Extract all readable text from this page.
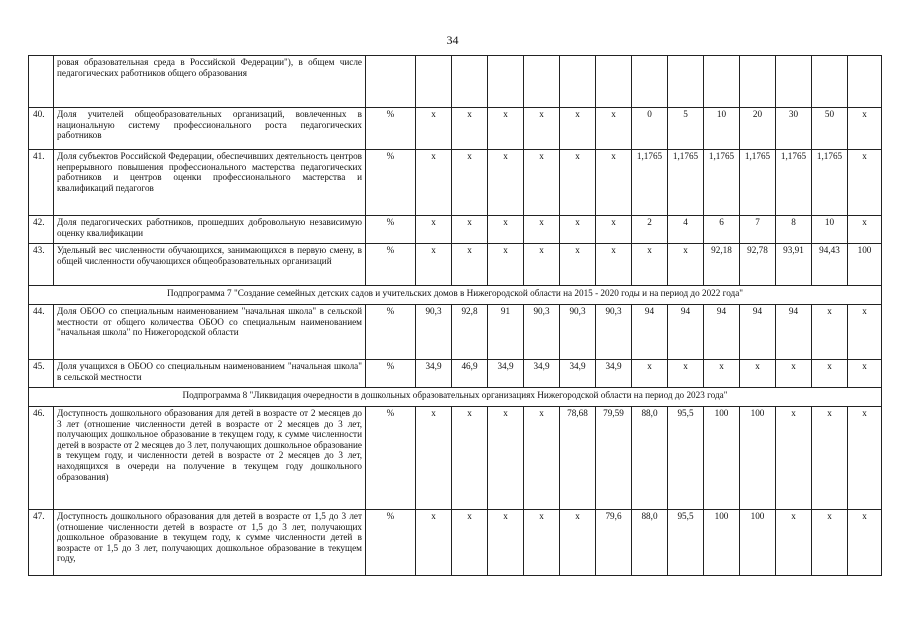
34
	ровая образовательная среда в Российской Федерации"), в общем числе педагогических работников общего образования														
40.	Доля учителей общеобразовательных организаций, вовлеченных в национальную систему профессионального роста педагогических работников	%	х	х	х	х	х	х	0	5	10	20	30	50	х
41.	Доля субъектов Российской Федерации, обеспечивших деятельность центров непрерывного повышения профессионального мастерства педагогических работников и центров оценки профессионального мастерства и квалификаций педагогов	%	х	х	х	х	х	х	1,1765	1,1765	1,1765	1,1765	1,1765	1,1765	х
42.	Доля педагогических работников, прошедших добровольную независимую оценку квалификации	%	х	х	х	х	х	х	2	4	6	7	8	10	х
43.	Удельный вес численности обучающихся, занимающихся в первую смену, в общей численности обучающихся общеобразовательных организаций	%	х	х	х	х	х	х	х	х	92,18	92,78	93,91	94,43	100
Подпрограмма 7 "Создание семейных детских садов и учительских домов в Нижегородской области на 2015 - 2020 годы и на период до 2022 года"															
44.	Доля ОБОО со специальным наименованием "начальная школа" в сельской местности от общего количества ОБОО со специальным наименованием "начальная школа" по Нижегородской области	%	90,3	92,8	91	90,3	90,3	90,3	94	94	94	94	94	х	х
45.	Доля учащихся в ОБОО со специальным наименованием "начальная школа" в сельской местности	%	34,9	46,9	34,9	34,9	34,9	34,9	х	х	х	х	х	х	х
Подпрограмма 8 "Ликвидация очередности в дошкольных образовательных организациях Нижегородской области на период до 2023 года"															
46.	Доступность дошкольного образования для детей в возрасте от 2 месяцев до 3 лет (отношение численности детей в возрасте от 2 месяцев до 3 лет, получающих дошкольное образование в текущем году, к сумме численности детей в возрасте от 2 месяцев до 3 лет, получающих дошкольное образование в текущем году, и численности детей в возрасте от 2 месяцев до 3 лет, находящихся в очереди на получение в текущем году дошкольного образования)	%	х	х	х	х	78,68	79,59	88,0	95,5	100	100	х	х	х
47.	Доступность дошкольного образования для детей в возрасте от 1,5 до 3 лет (отношение численности детей в возрасте от 1,5 до 3 лет, получающих дошкольное образование в текущем году, к сумме численности детей в возрасте от 1,5 до 3 лет, получающих дошкольное образование в текущем году,	%	х	х	х	х	х	79,6	88,0	95,5	100	100	х	х	х
